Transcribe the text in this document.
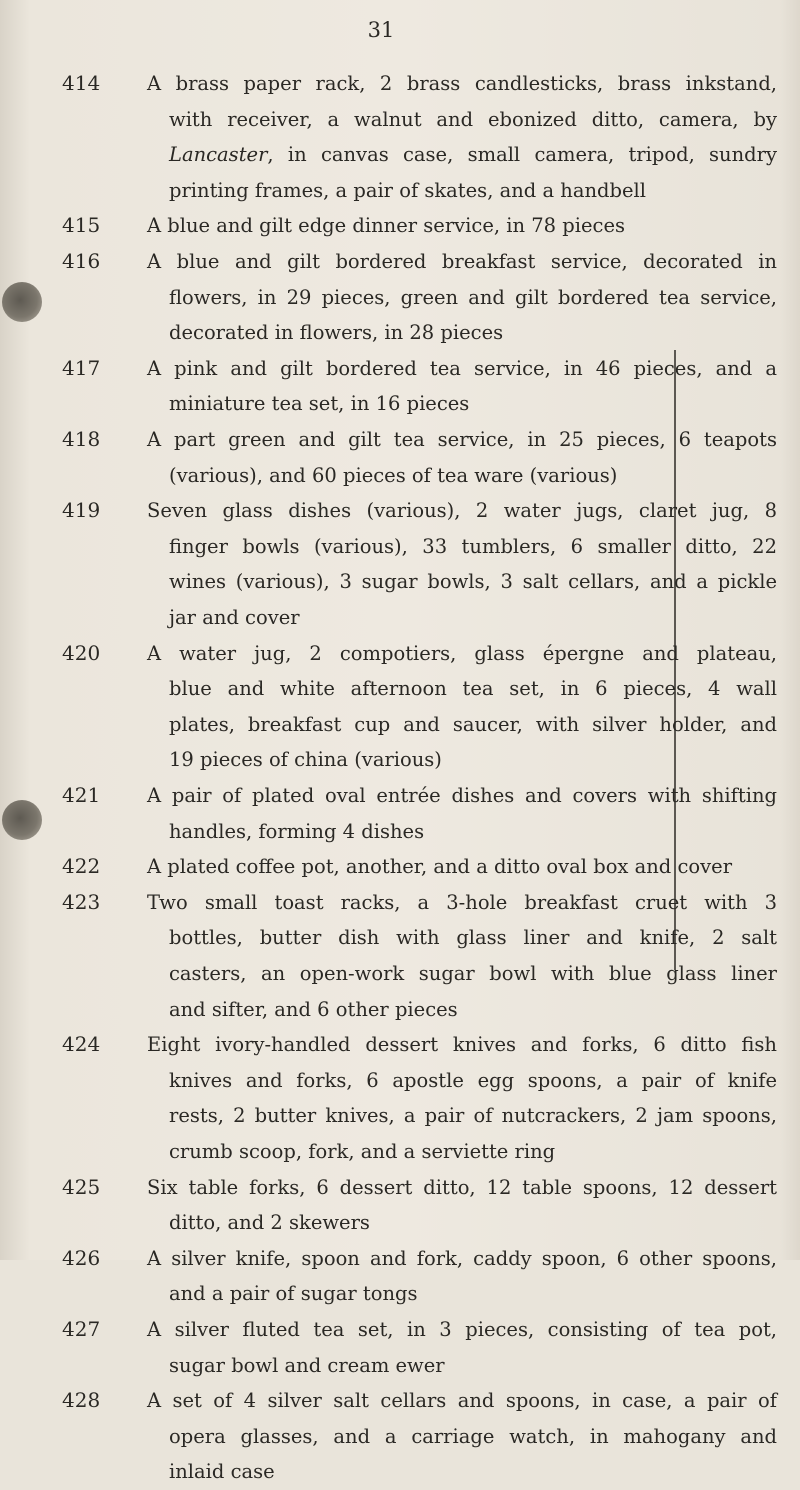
31
414	A brass paper rack, 2 brass candlesticks, brass inkstand,
with receiver, a walnut and ebonized ditto, camera, by
Lancaster, in canvas case, small camera, tripod, sundry
printing frames, a pair of skates, and a handbell
415	A blue and gilt edge dinner service, in 78 pieces
416	A blue and gilt bordered breakfast service, decorated in
flowers, in 29 pieces, green and gilt bordered tea service,
decorated in flowers, in 28 pieces
417	A pink and gilt bordered tea service, in 46 pieces, and a
miniature tea set, in 16 pieces
418	A part green and gilt tea service, in 25 pieces, 6 teapots
(various), and 60 pieces of tea ware (various)
419	Seven glass dishes (various), 2 water jugs, claret jug, 8
finger bowls (various), 33 tumblers, 6 smaller ditto, 22
wines (various), 3 sugar bowls, 3 salt cellars, and a pickle
jar and cover
420	A water jug, 2 compotiers, glass épergne and plateau,
blue and white afternoon tea set, in 6 pieces, 4 wall
plates, breakfast cup and saucer, with silver holder, and
19 pieces of china (various)
421	A pair of plated oval entrée dishes and covers with shifting
handles, forming 4 dishes
422	A plated coffee pot, another, and a ditto oval box and cover
423	Two small toast racks, a 3-hole breakfast cruet with 3
bottles, butter dish with glass liner and knife, 2 salt
casters, an open-work sugar bowl with blue glass liner
and sifter, and 6 other pieces
424	Eight ivory-handled dessert knives and forks, 6 ditto fish
knives and forks, 6 apostle egg spoons, a pair of knife
rests, 2 butter knives, a pair of nutcrackers, 2 jam spoons,
crumb scoop, fork, and a serviette ring
425	Six table forks, 6 dessert ditto, 12 table spoons, 12 dessert
ditto, and 2 skewers
426	A silver knife, spoon and fork, caddy spoon, 6 other spoons,
and a pair of sugar tongs
427	A silver fluted tea set, in 3 pieces, consisting of tea pot,
sugar bowl and cream ewer
428	A set of 4 silver salt cellars and spoons, in case, a pair of
opera glasses, and a carriage watch, in mahogany and
inlaid case
